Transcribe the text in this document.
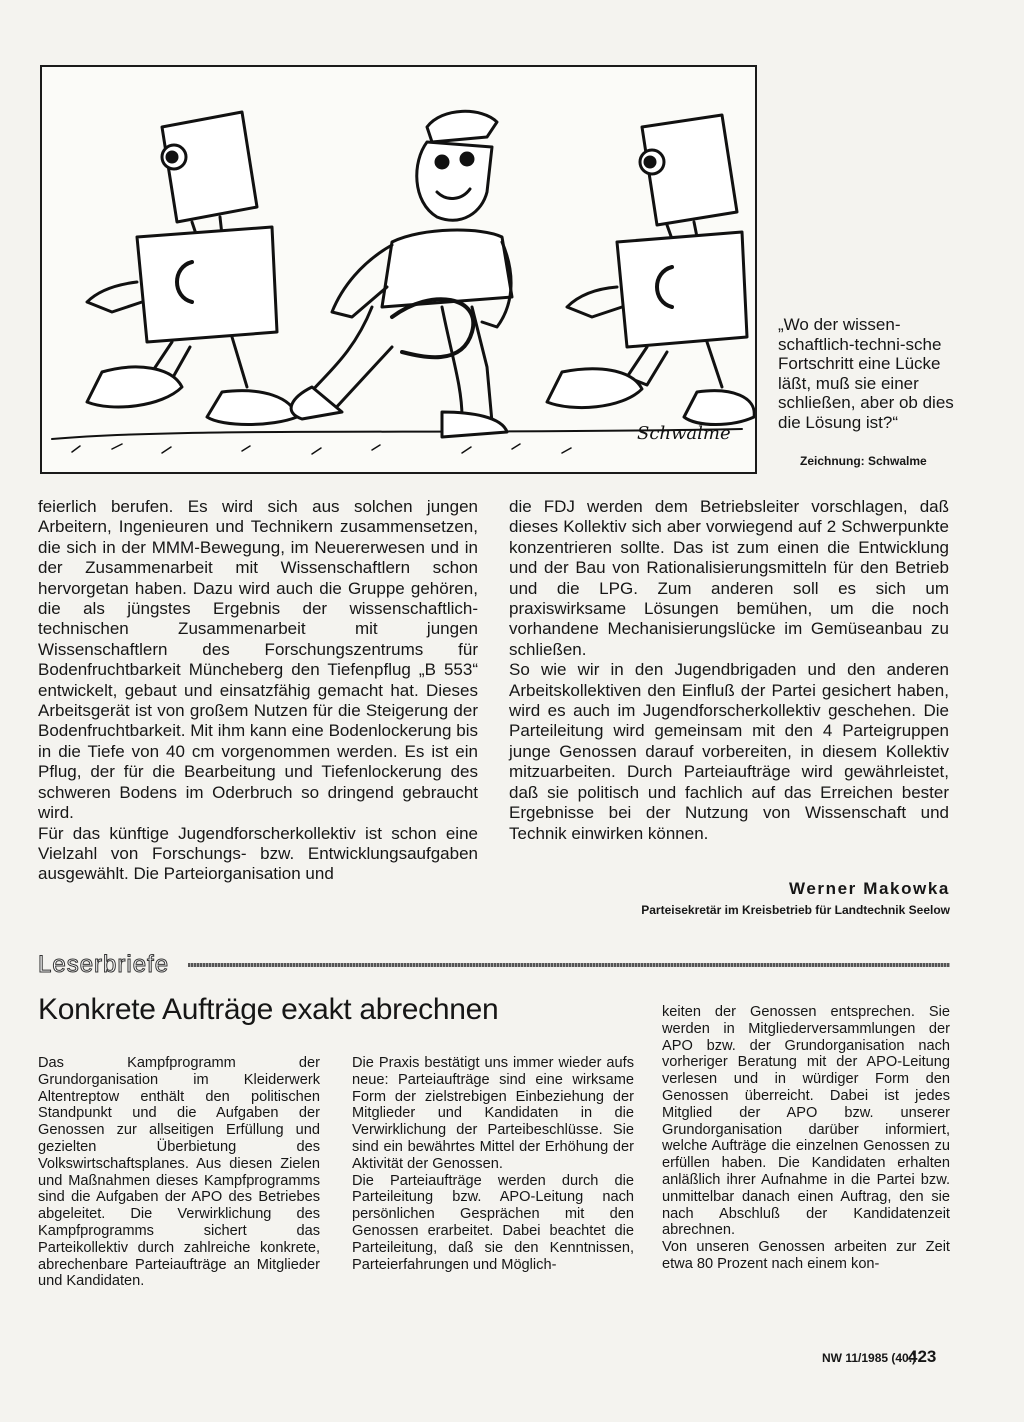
Schwalme
„Wo der wissen-schaftlich-techni-sche Fortschritt eine Lücke läßt, muß sie einer schließen, aber ob dies die Lösung ist?“
Zeichnung: Schwalme

feierlich berufen. Es wird sich aus solchen jungen Arbeitern, Ingenieuren und Technikern zusammensetzen, die sich in der MMM-Bewegung, im Neuererwesen und in der Zusammenarbeit mit Wissenschaftlern schon hervorgetan haben. Dazu wird auch die Gruppe gehören, die als jüngstes Ergebnis der wissenschaftlich-technischen Zusammenarbeit mit jungen Wissenschaftlern des Forschungszentrums für Bodenfruchtbarkeit Müncheberg den Tiefenpflug „B 553“ entwickelt, gebaut und einsatzfähig gemacht hat. Dieses Arbeitsgerät ist von großem Nutzen für die Steigerung der Bodenfruchtbarkeit. Mit ihm kann eine Bodenlockerung bis in die Tiefe von 40 cm vorgenommen werden. Es ist ein Pflug, der für die Bearbeitung und Tiefenlockerung des schweren Bodens im Oderbruch so dringend gebraucht wird.

Für das künftige Jugendforscherkollektiv ist schon eine Vielzahl von Forschungs- bzw. Entwicklungsaufgaben ausgewählt. Die Parteiorganisation und

die FDJ werden dem Betriebsleiter vorschlagen, daß dieses Kollektiv sich aber vorwiegend auf 2 Schwerpunkte konzentrieren sollte. Das ist zum einen die Entwicklung und der Bau von Rationalisierungsmitteln für den Betrieb und die LPG. Zum anderen soll es sich um praxiswirksame Lösungen bemühen, um die noch vorhandene Mechanisierungslücke im Gemüseanbau zu schließen.

So wie wir in den Jugendbrigaden und den anderen Arbeitskollektiven den Einfluß der Partei gesichert haben, wird es auch im Jugendforscherkollektiv geschehen. Die Parteileitung wird gemeinsam mit den 4 Parteigruppen junge Genossen darauf vorbereiten, in diesem Kollektiv mitzuarbeiten. Durch Parteiaufträge wird gewährleistet, daß sie politisch und fachlich auf das Erreichen bester Ergebnisse bei der Nutzung von Wissenschaft und Technik einwirken können.

Werner Makowka
Parteisekretär im Kreisbetrieb für Landtechnik Seelow
Leserbriefe
Konkrete Aufträge exakt abrechnen

Das Kampfprogramm der Grundorganisation im Kleiderwerk Altentreptow enthält den politischen Standpunkt und die Aufgaben der Genossen zur allseitigen Erfüllung und gezielten Überbietung des Volkswirtschaftsplanes. Aus diesen Zielen und Maßnahmen dieses Kampfprogramms sind die Aufgaben der APO des Betriebes abgeleitet. Die Verwirklichung des Kampfprogramms sichert das Parteikollektiv durch zahlreiche konkrete, abrechenbare Parteiaufträge an Mitglieder und Kandidaten.

Die Praxis bestätigt uns immer wieder aufs neue: Parteiaufträge sind eine wirksame Form der zielstrebigen Einbeziehung der Mitglieder und Kandidaten in die Verwirklichung der Parteibeschlüsse. Sie sind ein bewährtes Mittel der Erhöhung der Aktivität der Genossen.

Die Parteiaufträge werden durch die Parteileitung bzw. APO-Leitung nach persönlichen Gesprächen mit den Genossen erarbeitet. Dabei beachtet die Parteileitung, daß sie den Kenntnissen, Parteierfahrungen und Möglich-

keiten der Genossen entsprechen. Sie werden in Mitgliederversammlungen der APO bzw. der Grundorganisation nach vorheriger Beratung mit der APO-Leitung verlesen und in würdiger Form den Genossen überreicht. Dabei ist jedes Mitglied der APO bzw. unserer Grundorganisation darüber informiert, welche Aufträge die einzelnen Genossen zu erfüllen haben. Die Kandidaten erhalten anläßlich ihrer Aufnahme in die Partei bzw. unmittelbar danach einen Auftrag, den sie nach Abschluß der Kandidatenzeit abrechnen.

Von unseren Genossen arbeiten zur Zeit etwa 80 Prozent nach einem kon-

NW 11/1985 (40.)
423
